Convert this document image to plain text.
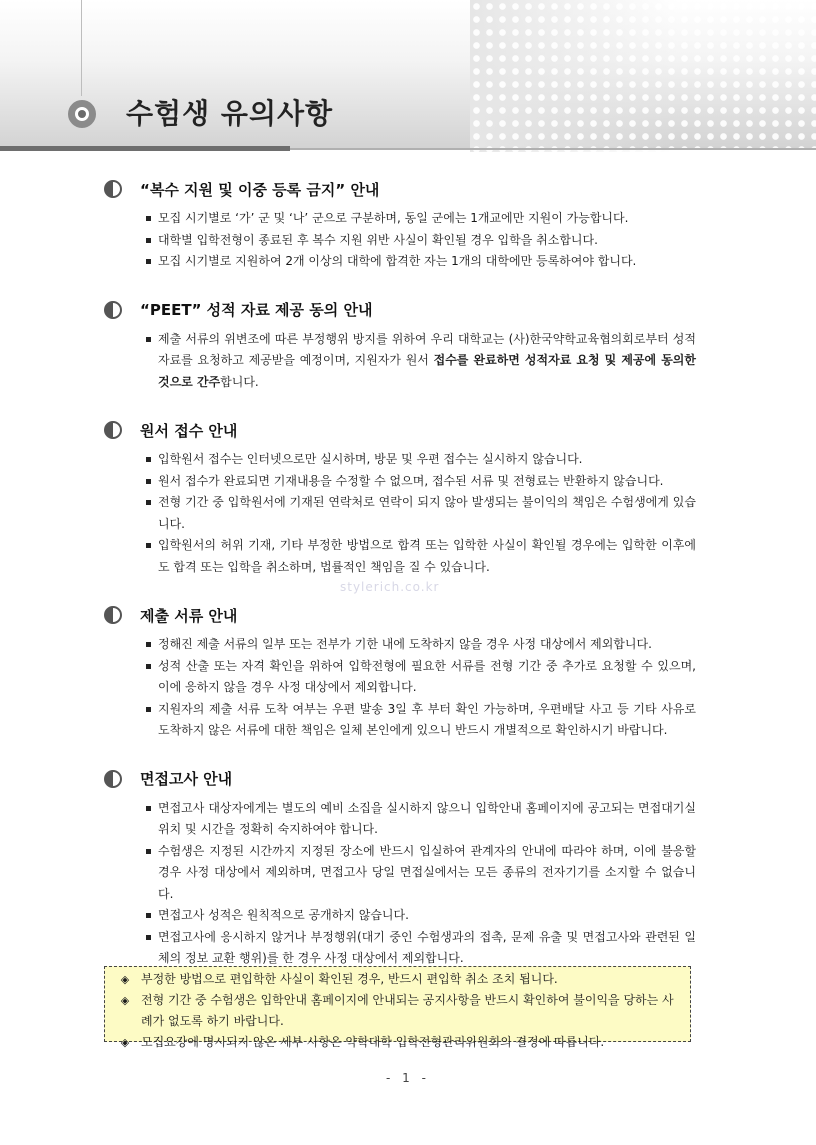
수험생 유의사항
stylerich.co.kr
“복수 지원 및 이중 등록 금지” 안내
모집 시기별로 ‘가’ 군 및 ‘나’ 군으로 구분하며, 동일 군에는 1개교에만 지원이 가능합니다.
대학별 입학전형이 종료된 후 복수 지원 위반 사실이 확인될 경우 입학을 취소합니다.
모집 시기별로 지원하여 2개 이상의 대학에 합격한 자는 1개의 대학에만 등록하여야 합니다.
“PEET” 성적 자료 제공 동의 안내
제출 서류의 위변조에 따른 부정행위 방지를 위하여 우리 대학교는 (사)한국약학교육협의회로부터 성적 자료를 요청하고 제공받을 예정이며, 지원자가 원서 접수를 완료하면 성적자료 요청 및 제공에 동의한 것으로 간주합니다.
원서 접수 안내
입학원서 접수는 인터넷으로만 실시하며, 방문 및 우편 접수는 실시하지 않습니다.
원서 접수가 완료되면 기재내용을 수정할 수 없으며, 접수된 서류 및 전형료는 반환하지 않습니다.
전형 기간 중 입학원서에 기재된 연락처로 연락이 되지 않아 발생되는 불이익의 책임은 수험생에게 있습니다.
입학원서의 허위 기재, 기타 부정한 방법으로 합격 또는 입학한 사실이 확인될 경우에는 입학한 이후에도 합격 또는 입학을 취소하며, 법률적인 책임을 질 수 있습니다.
제출 서류 안내
정해진 제출 서류의 일부 또는 전부가 기한 내에 도착하지 않을 경우 사정 대상에서 제외합니다.
성적 산출 또는 자격 확인을 위하여 입학전형에 필요한 서류를 전형 기간 중 추가로 요청할 수 있으며, 이에 응하지 않을 경우 사정 대상에서 제외합니다.
지원자의 제출 서류 도착 여부는 우편 발송 3일 후 부터 확인 가능하며, 우편배달 사고 등 기타 사유로 도착하지 않은 서류에 대한 책임은 일체 본인에게 있으니 반드시 개별적으로 확인하시기 바랍니다.
면접고사 안내
면접고사 대상자에게는 별도의 예비 소집을 실시하지 않으니 입학안내 홈페이지에 공고되는 면접대기실 위치 및 시간을 정확히 숙지하여야 합니다.
수험생은 지정된 시간까지 지정된 장소에 반드시 입실하여 관계자의 안내에 따라야 하며, 이에 불응할 경우 사정 대상에서 제외하며, 면접고사 당일 면접실에서는 모든 종류의 전자기기를 소지할 수 없습니다.
면접고사 성적은 원칙적으로 공개하지 않습니다.
면접고사에 응시하지 않거나 부정행위(대기 중인 수험생과의 접촉, 문제 유출 및 면접고사와 관련된 일체의 정보 교환 행위)를 한 경우 사정 대상에서 제외합니다.
◈ 부정한 방법으로 편입학한 사실이 확인된 경우, 반드시 편입학 취소 조치 됩니다.
◈ 전형 기간 중 수험생은 입학안내 홈페이지에 안내되는 공지사항을 반드시 확인하여 불이익을 당하는 사례가 없도록 하기 바랍니다.
◈ 모집요강에 명시되지 않은 세부 사항은 약학대학 입학전형관리위원회의 결정에 따릅니다.
- 1 -
